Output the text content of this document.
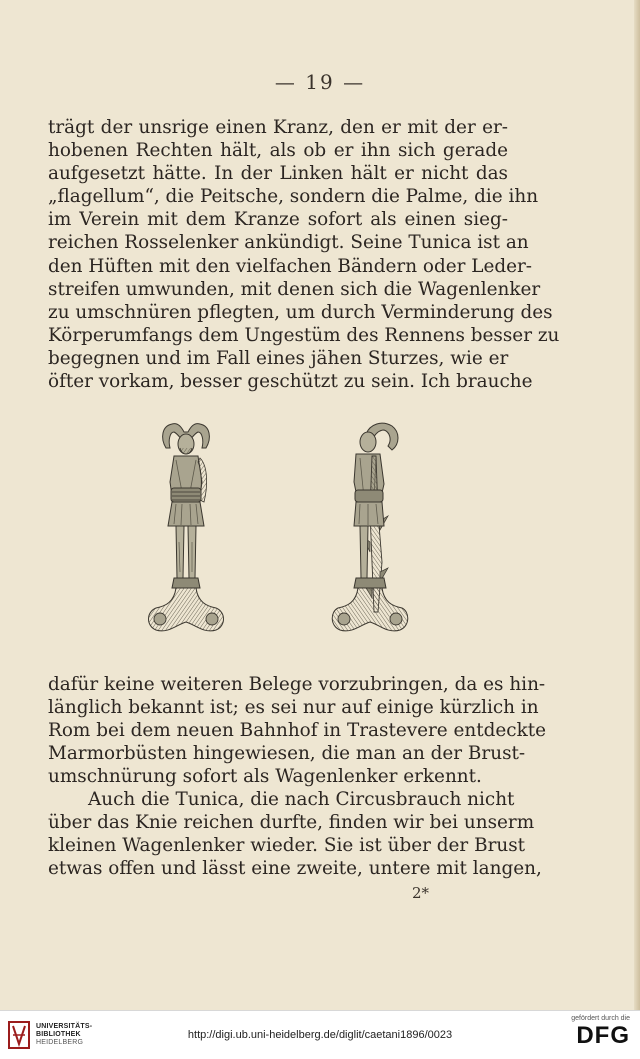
— 19 —
trägt der unsrige einen Kranz, den er mit der er-
hobenen Rechten hält, als ob er ihn sich gerade
aufgesetzt hätte. In der Linken hält er nicht das
„flagellum“, die Peitsche, sondern die Palme, die ihn
im Verein mit dem Kranze sofort als einen sieg-
reichen Rosselenker ankündigt. Seine Tunica ist an
den Hüften mit den vielfachen Bändern oder Leder-
streifen umwunden, mit denen sich die Wagenlenker
zu umschnüren pflegten, um durch Verminderung des
Körperumfangs dem Ungestüm des Rennens besser zu
begegnen und im Fall eines jähen Sturzes, wie er
öfter vorkam, besser geschützt zu sein. Ich brauche
dafür keine weiteren Belege vorzubringen, da es hin-
länglich bekannt ist; es sei nur auf einige kürzlich in
Rom bei dem neuen Bahnhof in Trastevere entdeckte
Marmorbüsten hingewiesen, die man an der Brust-
umschnürung sofort als Wagenlenker erkennt.
Auch die Tunica, die nach Circusbrauch nicht
über das Knie reichen durfte, finden wir bei unserm
kleinen Wagenlenker wieder. Sie ist über der Brust
etwas offen und lässt eine zweite, untere mit langen,
2*
UNIVERSITÄTS-
BIBLIOTHEK
HEIDELBERG
http://digi.ub.uni-heidelberg.de/diglit/caetani1896/0023
gefördert durch die
DFG
